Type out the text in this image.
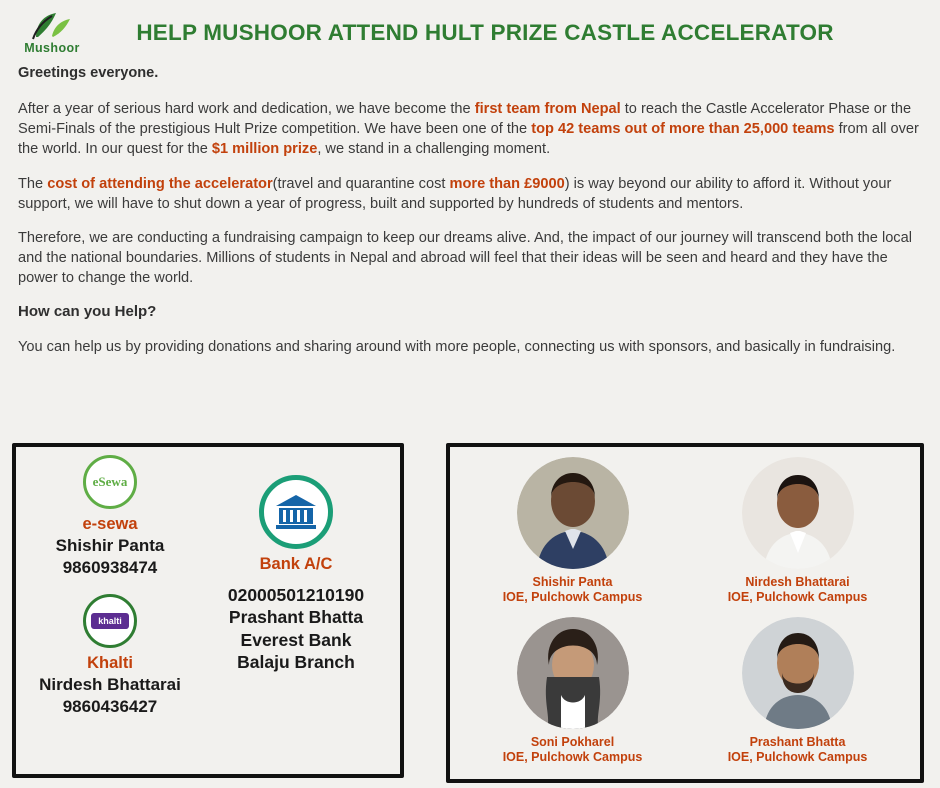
Mushoor
HELP MUSHOOR ATTEND HULT PRIZE CASTLE ACCELERATOR

Greetings everyone.

After a year of serious hard work and dedication, we have become the first team from Nepal to reach the Castle Accelerator Phase or the Semi-Finals of the prestigious Hult Prize competition. We have been one of the top 42 teams out of more than 25,000 teams from all over the world. In our quest for the $1 million prize, we stand in a challenging moment.

The cost of attending the accelerator(travel and quarantine cost more than £9000) is way beyond our ability to afford it. Without your support, we will have to shut down a year of progress, built and supported by hundreds of students and mentors.

Therefore, we are conducting a fundraising campaign to keep our dreams alive. And, the impact of our journey will transcend both the local and the national boundaries. Millions of students in Nepal and abroad will feel that their ideas will be seen and heard and they have the power to change the world.

How can you Help?

You can help us by providing donations and sharing around with more people, connecting us with sponsors, and basically in fundraising.

eSewa
e-sewa
Shishir Panta
9860938474
khalti
Khalti
Nirdesh Bhattarai
9860436427
Bank A/C
02000501210190
Prashant Bhatta
Everest Bank
Balaju Branch
Shishir Panta
IOE, Pulchowk Campus
Nirdesh Bhattarai
IOE, Pulchowk Campus
Soni Pokharel
IOE, Pulchowk Campus
Prashant Bhatta
IOE, Pulchowk Campus
